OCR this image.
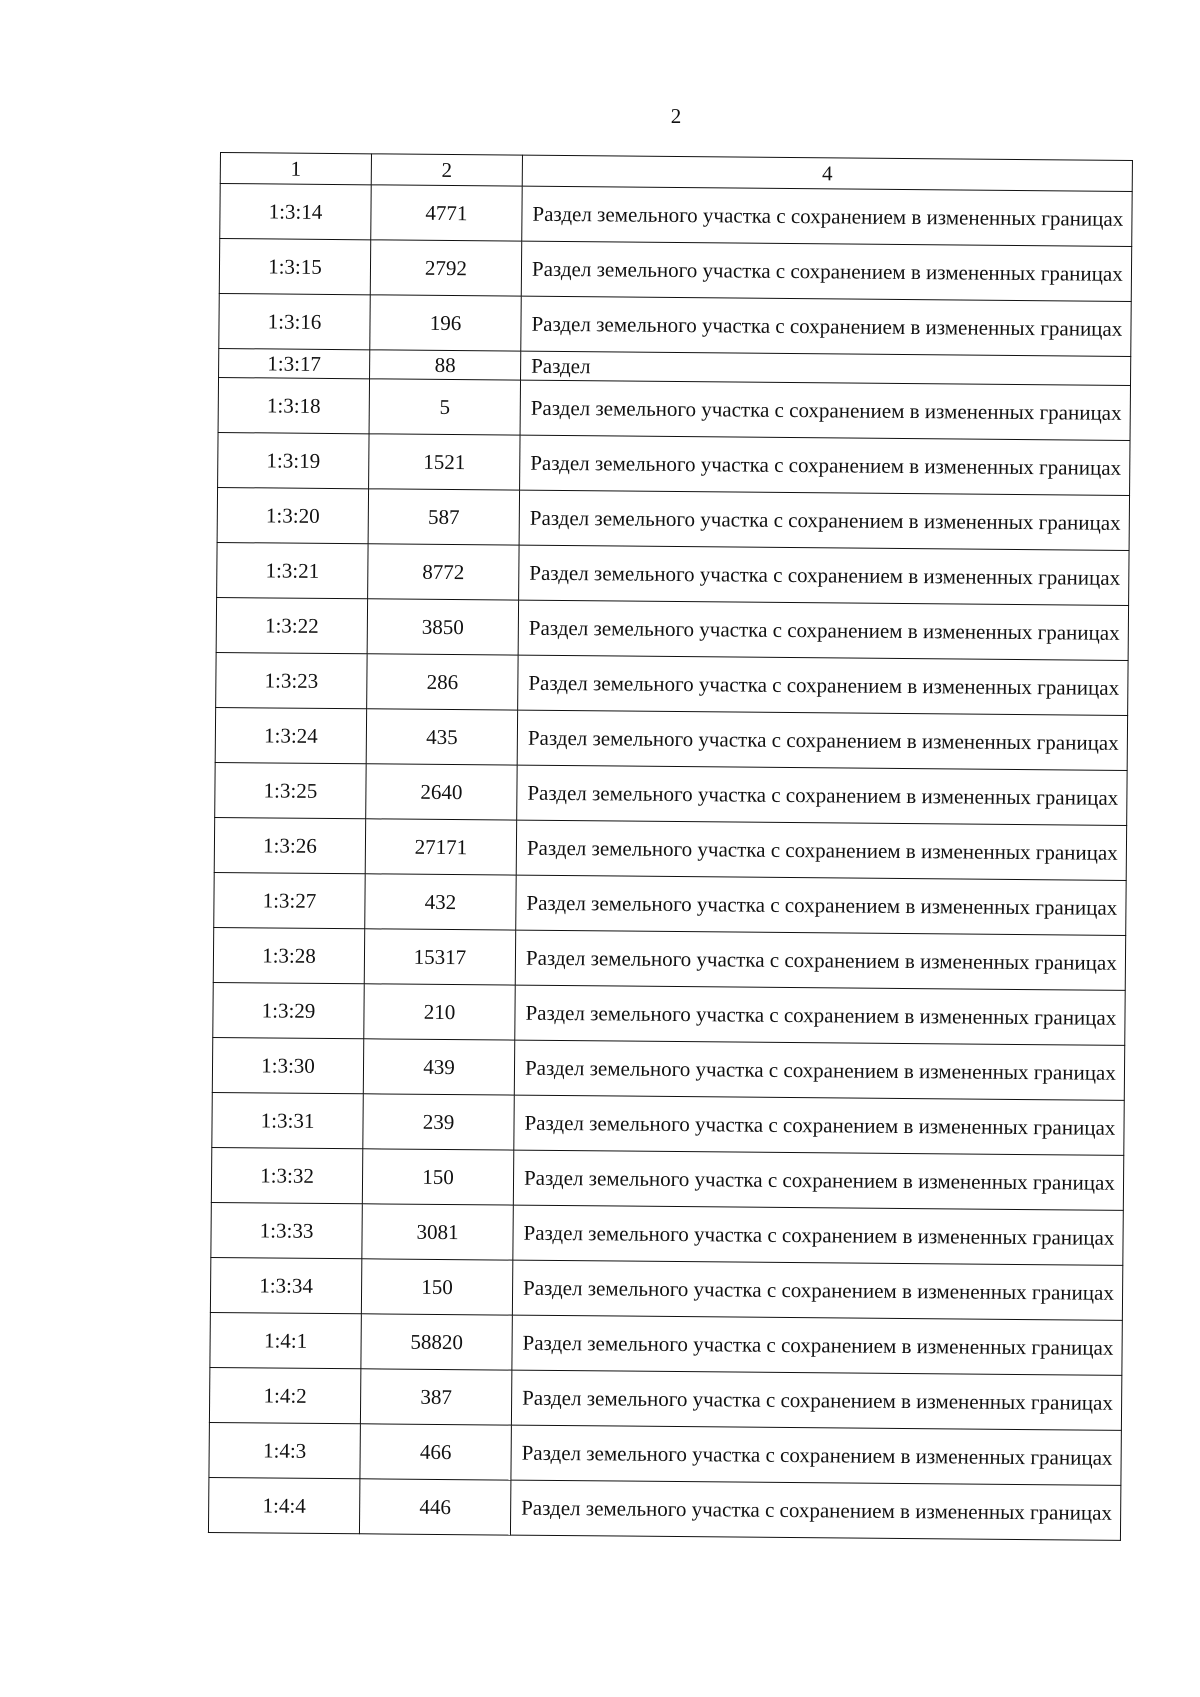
2
1	2	4
1:3:14	4771	Раздел земельного участка с сохранением в измененных границах
1:3:15	2792	Раздел земельного участка с сохранением в измененных границах
1:3:16	196	Раздел земельного участка с сохранением в измененных границах
1:3:17	88	Раздел
1:3:18	5	Раздел земельного участка с сохранением в измененных границах
1:3:19	1521	Раздел земельного участка с сохранением в измененных границах
1:3:20	587	Раздел земельного участка с сохранением в измененных границах
1:3:21	8772	Раздел земельного участка с сохранением в измененных границах
1:3:22	3850	Раздел земельного участка с сохранением в измененных границах
1:3:23	286	Раздел земельного участка с сохранением в измененных границах
1:3:24	435	Раздел земельного участка с сохранением в измененных границах
1:3:25	2640	Раздел земельного участка с сохранением в измененных границах
1:3:26	27171	Раздел земельного участка с сохранением в измененных границах
1:3:27	432	Раздел земельного участка с сохранением в измененных границах
1:3:28	15317	Раздел земельного участка с сохранением в измененных границах
1:3:29	210	Раздел земельного участка с сохранением в измененных границах
1:3:30	439	Раздел земельного участка с сохранением в измененных границах
1:3:31	239	Раздел земельного участка с сохранением в измененных границах
1:3:32	150	Раздел земельного участка с сохранением в измененных границах
1:3:33	3081	Раздел земельного участка с сохранением в измененных границах
1:3:34	150	Раздел земельного участка с сохранением в измененных границах
1:4:1	58820	Раздел земельного участка с сохранением в измененных границах
1:4:2	387	Раздел земельного участка с сохранением в измененных границах
1:4:3	466	Раздел земельного участка с сохранением в измененных границах
1:4:4	446	Раздел земельного участка с сохранением в измененных границах
